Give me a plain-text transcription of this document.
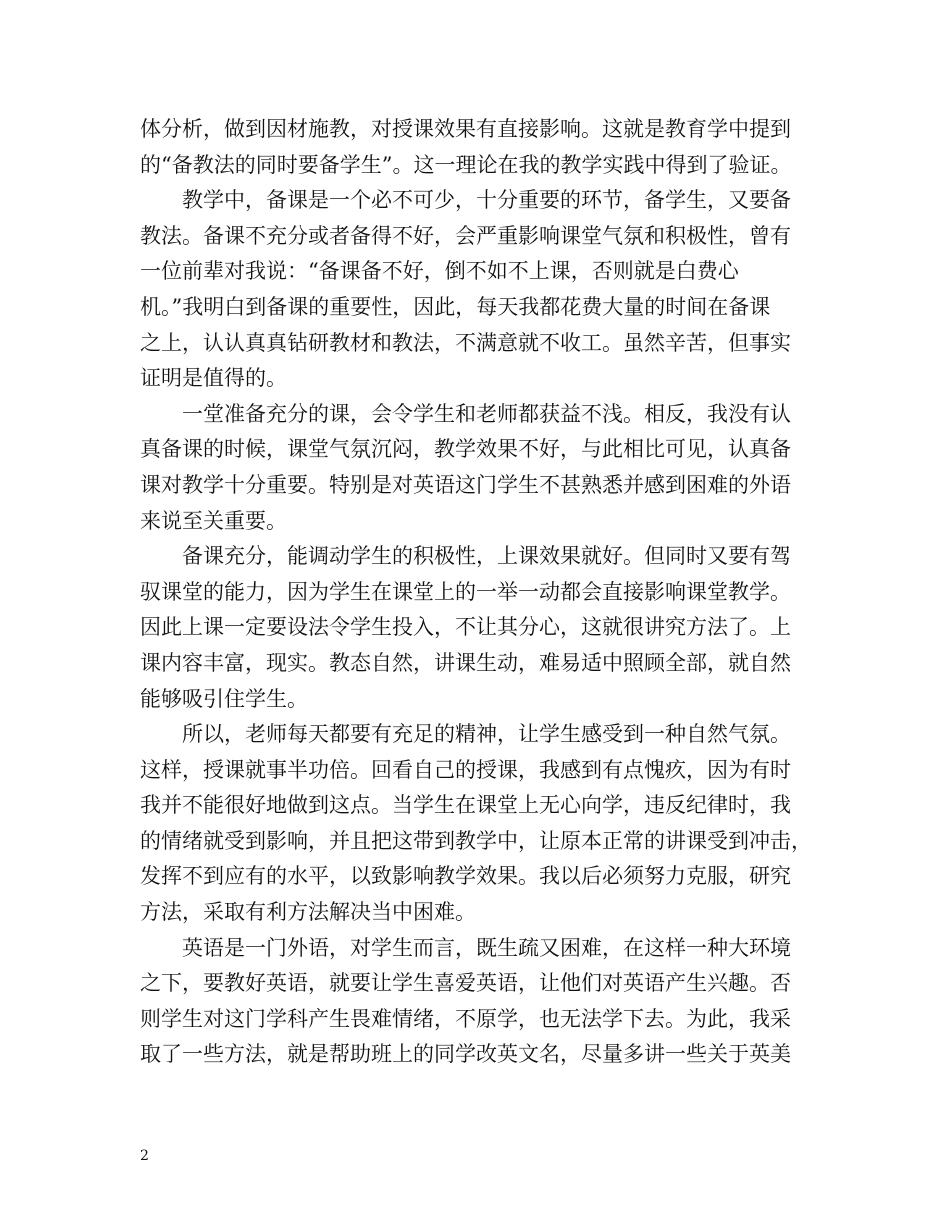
体分析，做到因材施教，对授课效果有直接影响。这就是教育学中提到
的“备教法的同时要备学生”。这一理论在我的教学实践中得到了验证。
教学中，备课是一个必不可少，十分重要的环节，备学生，又要备
教法。备课不充分或者备得不好，会严重影响课堂气氛和积极性，曾有
一位前辈对我说：“备课备不好，倒不如不上课，否则就是白费心
机。”我明白到备课的重要性，因此，每天我都花费大量的时间在备课
之上，认认真真钻研教材和教法，不满意就不收工。虽然辛苦，但事实
证明是值得的。
一堂准备充分的课，会令学生和老师都获益不浅。相反，我没有认
真备课的时候，课堂气氛沉闷，教学效果不好，与此相比可见，认真备
课对教学十分重要。特别是对英语这门学生不甚熟悉并感到困难的外语
来说至关重要。
备课充分，能调动学生的积极性，上课效果就好。但同时又要有驾
驭课堂的能力，因为学生在课堂上的一举一动都会直接影响课堂教学。
因此上课一定要设法令学生投入，不让其分心，这就很讲究方法了。上
课内容丰富，现实。教态自然，讲课生动，难易适中照顾全部，就自然
能够吸引住学生。
所以，老师每天都要有充足的精神，让学生感受到一种自然气氛。
这样，授课就事半功倍。回看自己的授课，我感到有点愧疚，因为有时
我并不能很好地做到这点。当学生在课堂上无心向学，违反纪律时，我
的情绪就受到影响，并且把这带到教学中，让原本正常的讲课受到冲击，
发挥不到应有的水平，以致影响教学效果。我以后必须努力克服，研究
方法，采取有利方法解决当中困难。
英语是一门外语，对学生而言，既生疏又困难，在这样一种大环境
之下，要教好英语，就要让学生喜爱英语，让他们对英语产生兴趣。否
则学生对这门学科产生畏难情绪，不原学，也无法学下去。为此，我采
取了一些方法，就是帮助班上的同学改英文名，尽量多讲一些关于英美
2
